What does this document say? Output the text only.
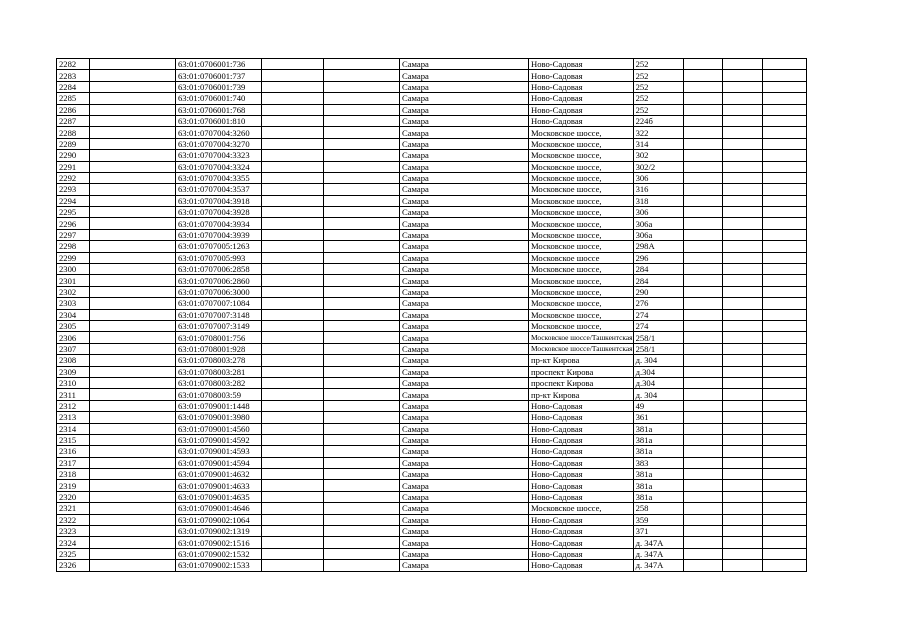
2282		63:01:0706001:736			Самара	Ново-Садовая	252			
2283		63:01:0706001:737			Самара	Ново-Садовая	252			
2284		63:01:0706001:739			Самара	Ново-Садовая	252			
2285		63:01:0706001:740			Самара	Ново-Садовая	252			
2286		63:01:0706001:768			Самара	Ново-Садовая	252			
2287		63:01:0706001:810			Самара	Ново-Садовая	224б			
2288		63:01:0707004:3260			Самара	Московское шоссе,	322			
2289		63:01:0707004:3270			Самара	Московское шоссе,	314			
2290		63:01:0707004:3323			Самара	Московское шоссе,	302			
2291		63:01:0707004:3324			Самара	Московское шоссе,	302/2			
2292		63:01:0707004:3355			Самара	Московское шоссе,	306			
2293		63:01:0707004:3537			Самара	Московское шоссе,	316			
2294		63:01:0707004:3918			Самара	Московское шоссе,	318			
2295		63:01:0707004:3928			Самара	Московское шоссе,	306			
2296		63:01:0707004:3934			Самара	Московское шоссе,	306а			
2297		63:01:0707004:3939			Самара	Московское шоссе,	306а			
2298		63:01:0707005:1263			Самара	Московское шоссе,	298А			
2299		63:01:0707005:993			Самара	Московское шоссе	296			
2300		63:01:0707006:2858			Самара	Московское шоссе,	284			
2301		63:01:0707006:2860			Самара	Московское шоссе,	284			
2302		63:01:0707006:3000			Самара	Московское шоссе,	290			
2303		63:01:0707007:1084			Самара	Московское шоссе,	276			
2304		63:01:0707007:3148			Самара	Московское шоссе,	274			
2305		63:01:0707007:3149			Самара	Московское шоссе,	274			
2306		63:01:0708001:756			Самара	Московское шоссе/Ташкентская	258/1			
2307		63:01:0708001:928			Самара	Московское шоссе/Ташкентская	258/1			
2308		63:01:0708003:278			Самара	пр-кт Кирова	д. 304			
2309		63:01:0708003:281			Самара	проспект Кирова	д.304			
2310		63:01:0708003:282			Самара	проспект Кирова	д.304			
2311		63:01:0708003:59			Самара	пр-кт Кирова	д. 304			
2312		63:01:0709001:1448			Самара	Ново-Садовая	49			
2313		63:01:0709001:3980			Самара	Ново-Садовая	361			
2314		63:01:0709001:4560			Самара	Ново-Садовая	381а			
2315		63:01:0709001:4592			Самара	Ново-Садовая	381а			
2316		63:01:0709001:4593			Самара	Ново-Садовая	381а			
2317		63:01:0709001:4594			Самара	Ново-Садовая	383			
2318		63:01:0709001:4632			Самара	Ново-Садовая	381а			
2319		63:01:0709001:4633			Самара	Ново-Садовая	381а			
2320		63:01:0709001:4635			Самара	Ново-Садовая	381а			
2321		63:01:0709001:4646			Самара	Московское шоссе,	258			
2322		63:01:0709002:1064			Самара	Ново-Садовая	359			
2323		63:01:0709002:1319			Самара	Ново-Садовая	371			
2324		63:01:0709002:1516			Самара	Ново-Садовая	д. 347А			
2325		63:01:0709002:1532			Самара	Ново-Садовая	д. 347А			
2326		63:01:0709002:1533			Самара	Ново-Садовая	д. 347А			
